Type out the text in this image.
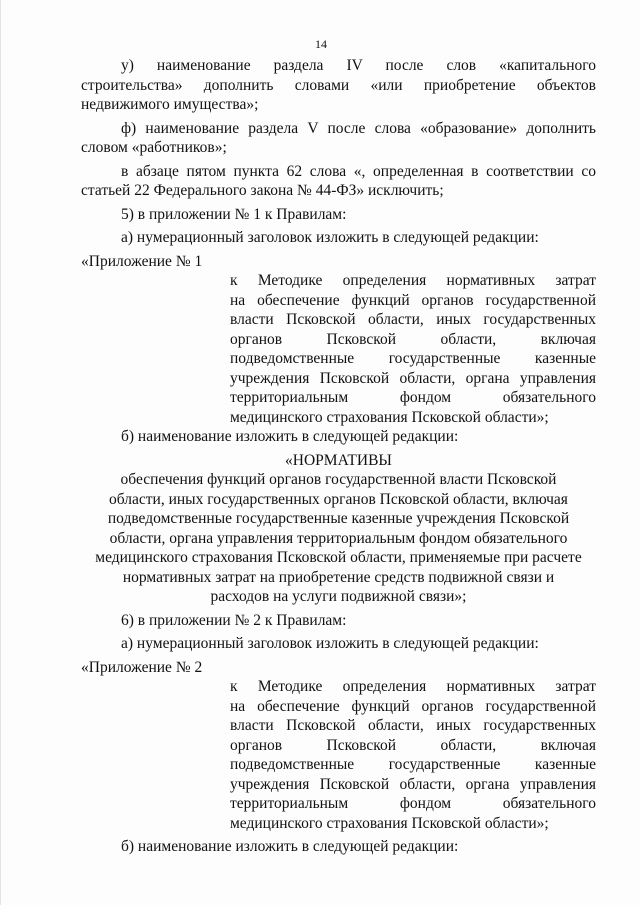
14

у) наименование раздела IV после слов «капитального

строительства» дополнить словами «или приобретение объектов

недвижимого имущества»;

ф) наименование раздела V после слова «образование» дополнить

словом «работников»;

в абзаце пятом пункта 62 слова «, определенная в соответствии со

статьей 22 Федерального закона № 44-ФЗ» исключить;

5) в приложении № 1 к Правилам:

а) нумерационный заголовок изложить в следующей редакции:

«Приложение № 1

к Методике определения нормативных затрат

на обеспечение функций органов государственной

власти Псковской области, иных государственных

органов Псковской области, включая

подведомственные государственные казенные

учреждения Псковской области, органа управления

территориальным фондом обязательного

медицинского страхования Псковской области»;

б) наименование изложить в следующей редакции:

«НОРМАТИВЫ

обеспечения функций органов государственной власти Псковской

области, иных государственных органов Псковской области, включая

подведомственные государственные казенные учреждения Псковской

области, органа управления территориальным фондом обязательного

медицинского страхования Псковской области, применяемые при расчете

нормативных затрат на приобретение средств подвижной связи и

расходов на услуги подвижной связи»;

6) в приложении № 2 к Правилам:

а) нумерационный заголовок изложить в следующей редакции:

«Приложение № 2

к Методике определения нормативных затрат

на обеспечение функций органов государственной

власти Псковской области, иных государственных

органов Псковской области, включая

подведомственные государственные казенные

учреждения Псковской области, органа управления

территориальным фондом обязательного

медицинского страхования Псковской области»;

б) наименование изложить в следующей редакции:
